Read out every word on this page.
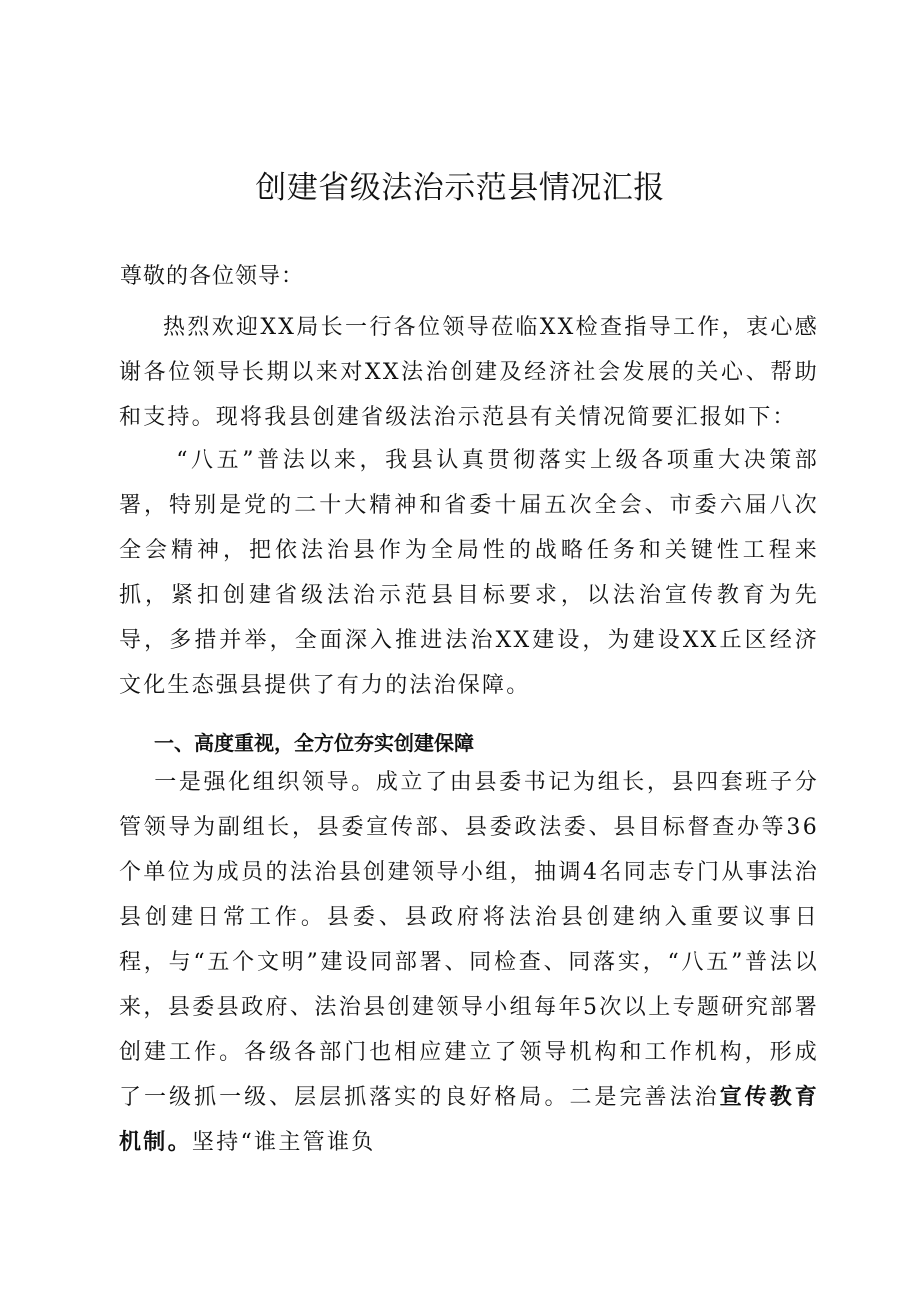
创建省级法治示范县情况汇报

尊敬的各位领导：

热烈欢迎XX局长一行各位领导莅临XX检查指导工作，衷心感谢各位领导长期以来对XX法治创建及经济社会发展的关心、帮助和支持。现将我县创建省级法治示范县有关情况简要汇报如下：

“八五”普法以来，我县认真贯彻落实上级各项重大决策部署，特别是党的二十大精神和省委十届五次全会、市委六届八次全会精神，把依法治县作为全局性的战略任务和关键性工程来抓，紧扣创建省级法治示范县目标要求，以法治宣传教育为先导，多措并举，全面深入推进法治XX建设，为建设XX丘区经济文化生态强县提供了有力的法治保障。

一、高度重视，全方位夯实创建保障

一是强化组织领导。成立了由县委书记为组长，县四套班子分管领导为副组长，县委宣传部、县委政法委、县目标督查办等36个单位为成员的法治县创建领导小组，抽调4名同志专门从事法治县创建日常工作。县委、县政府将法治县创建纳入重要议事日程，与“五个文明”建设同部署、同检查、同落实，“八五”普法以来，县委县政府、法治县创建领导小组每年5次以上专题研究部署创建工作。各级各部门也相应建立了领导机构和工作机构，形成了一级抓一级、层层抓落实的良好格局。二是完善法治宣传教育机制。坚持“谁主管谁负
